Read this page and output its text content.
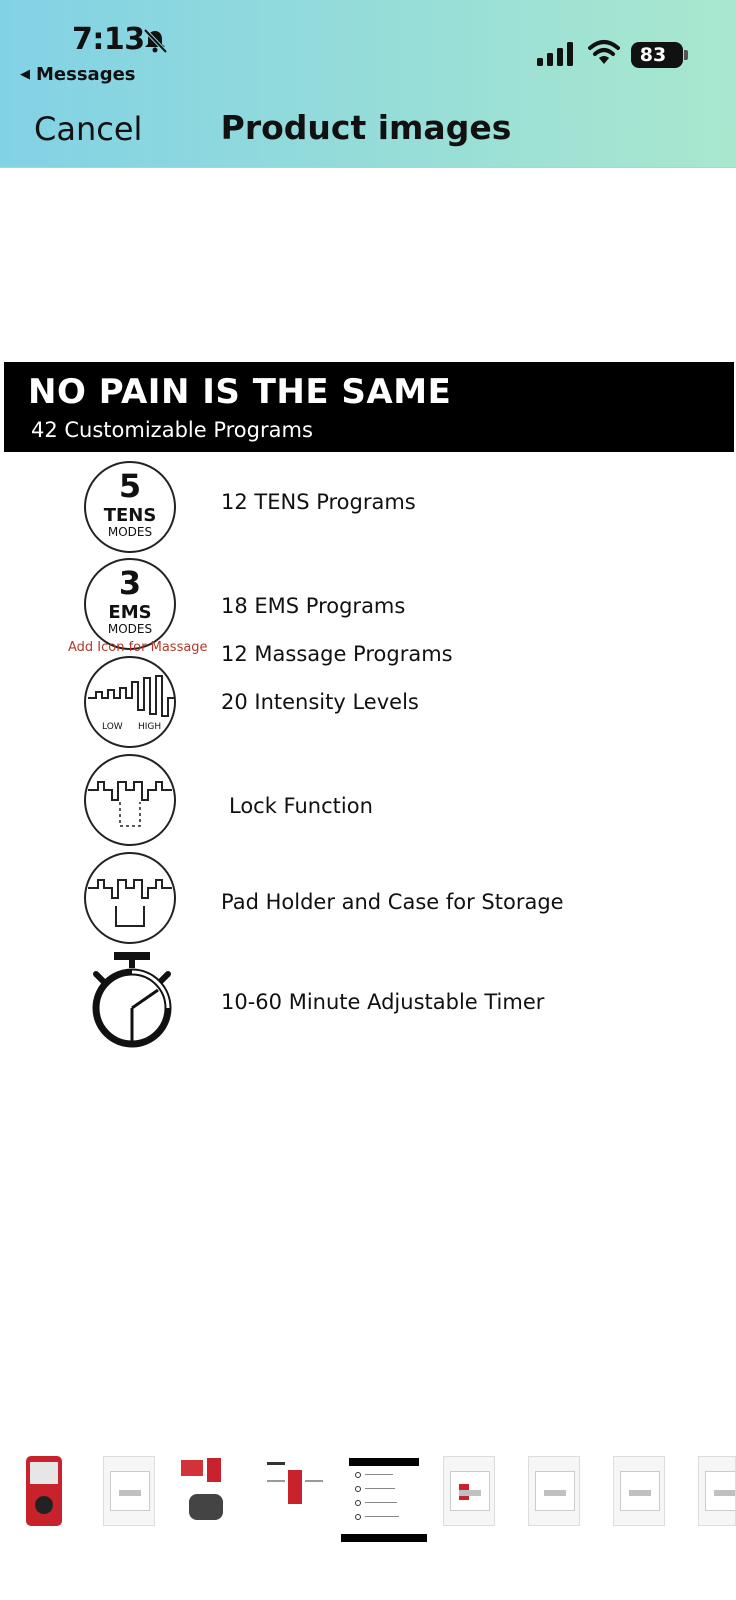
7:13
◀ Messages
83
Cancel	Product images
NO PAIN IS THE SAME
42 Customizable Programs
5
TENS
MODES
12 TENS Programs
3
EMS
MODES
18 EMS Programs
Add Icon for Massage 12 Massage Programs
LOW HIGH
20 Intensity Levels
Lock Function
Pad Holder and Case for Storage
10-60 Minute Adjustable Timer
